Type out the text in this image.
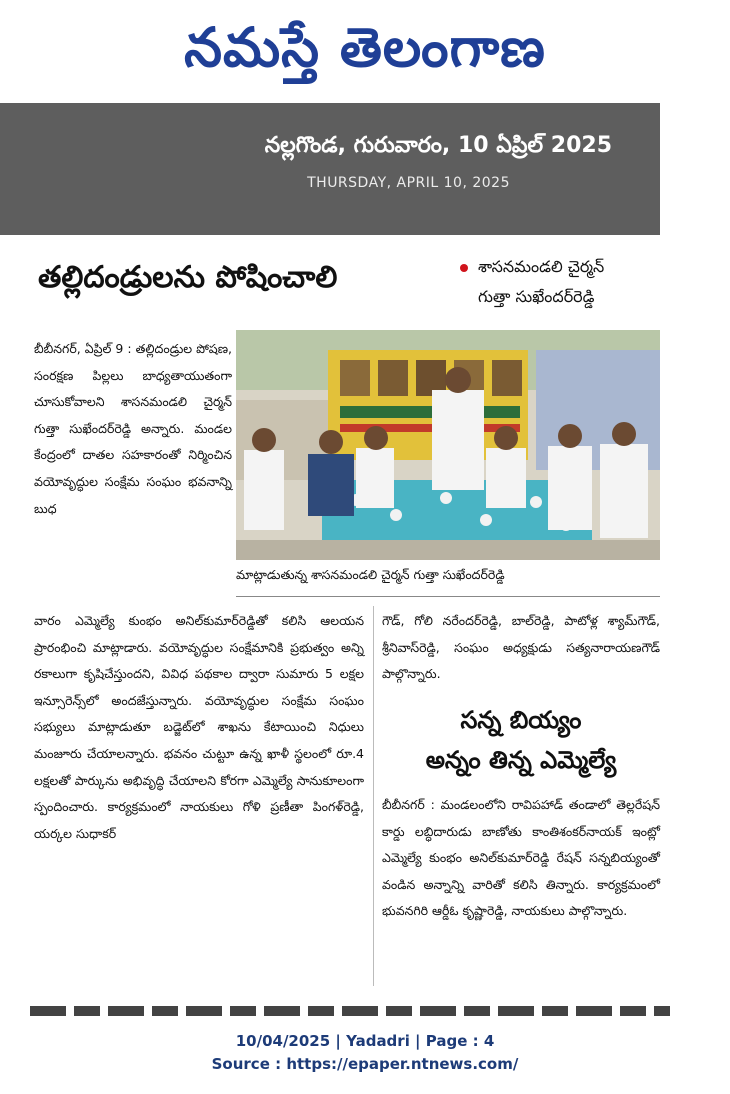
నమస్తే తెలంగాణ
నల్లగొండ, గురువారం, 10 ఏప్రిల్ 2025
THURSDAY, APRIL 10, 2025
తల్లిదండ్రులను పోషించాలి	శాసనమండలి చైర్మన్
గుత్తా సుఖేందర్‌రెడ్డి

బీబీనగర్, ఏప్రిల్ 9 : తల్లిదండ్రుల పోషణ, సంరక్షణ పిల్లలు బాధ్యతాయుతంగా చూసుకోవాలని శాసనమండలి చైర్మన్ గుత్తా సుఖేందర్‌రెడ్డి అన్నారు. మండల కేంద్రంలో దాతల సహకారంతో నిర్మించిన వయోవృద్ధుల సంక్షేమ సంఘం భవనాన్ని బుధ

మాట్లాడుతున్న శాసనమండలి చైర్మన్ గుత్తా సుఖేందర్‌రెడ్డి

వారం ఎమ్మెల్యే కుంభం అనిల్‌కుమార్‌రెడ్డితో కలిసి ఆలయన ప్రారంభించి మాట్లాడారు. వయోవృద్ధుల సంక్షేమానికి ప్రభుత్వం అన్ని రకాలుగా కృషిచేస్తుందని, వివిధ పథకాల ద్వారా సుమారు 5 లక్షల ఇన్సూరెన్స్‌లో అందజేస్తున్నారు. వయోవృద్ధుల సంక్షేమ సంఘం సభ్యులు మాట్లాడుతూ బడ్జెట్‌లో శాఖను కేటాయించి నిధులు మంజూరు చేయాలన్నారు. భవనం చుట్టూ ఉన్న ఖాళీ స్థలంలో రూ.4 లక్షలతో పార్కును అభివృద్ధి చేయాలని కోరగా ఎమ్మెల్యే సానుకూలంగా స్పందించారు. కార్యక్రమంలో నాయకులు గోళి ప్రణీతా పింగళ్‌రెడ్డి, యర్కల సుధాకర్

గౌడ్, గోలి నరేందర్‌రెడ్డి, బాల్‌రెడ్డి, పాటోళ్ల శ్యామ్‌గౌడ్, శ్రీనివాస్‌రెడ్డి, సంఘం అధ్యక్షుడు సత్యనారాయణగౌడ్ పాల్గొన్నారు.

సన్న బియ్యం
అన్నం తిన్న ఎమ్మెల్యే

బీబీనగర్ : మండలంలోని రావిపహాడ్ తండాలో తెల్లరేషన్ కార్డు లబ్ధిదారుడు బాణోతు కాంతిశంకర్‌నాయక్ ఇంట్లో ఎమ్మెల్యే కుంభం అనిల్‌కుమార్‌రెడ్డి రేషన్ సన్నబియ్యంతో వండిన అన్నాన్ని వారితో కలిసి తిన్నారు. కార్యక్రమంలో భువనగిరి ఆర్డీఓ కృష్ణారెడ్డి, నాయకులు పాల్గొన్నారు.

10/04/2025 | Yadadri | Page : 4
Source : https://epaper.ntnews.com/
